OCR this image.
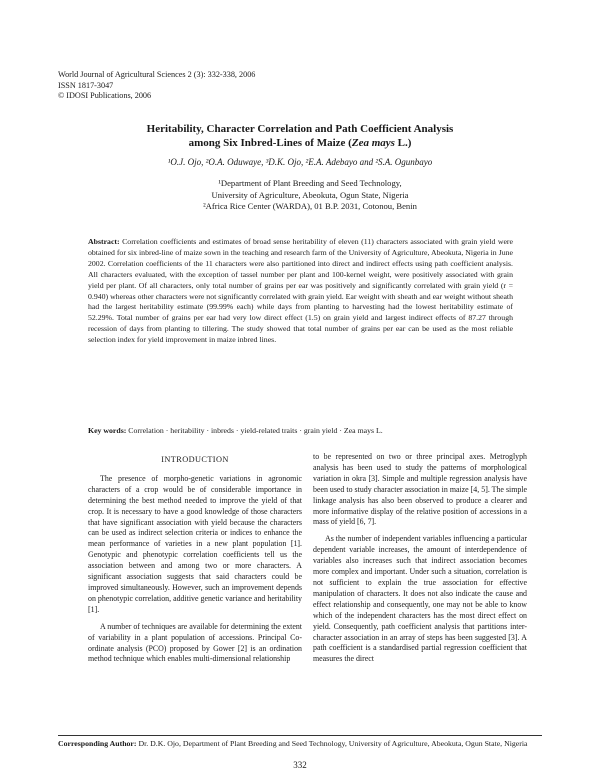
World Journal of Agricultural Sciences 2 (3): 332-338, 2006
ISSN 1817-3047
© IDOSI Publications, 2006
Heritability, Character Correlation and Path Coefficient Analysis
among Six Inbred-Lines of Maize (Zea mays L.)
¹O.J. Ojo, ²O.A. Oduwaye, ³D.K. Ojo, ²E.A. Adebayo and ²S.A. Ogunbayo
¹Department of Plant Breeding and Seed Technology,
University of Agriculture, Abeokuta, Ogun State, Nigeria
²Africa Rice Center (WARDA), 01 B.P. 2031, Cotonou, Benin
Abstract: Correlation coefficients and estimates of broad sense heritability of eleven (11) characters associated with grain yield were obtained for six inbred-line of maize sown in the teaching and research farm of the University of Agriculture, Abeokuta, Nigeria in June 2002. Correlation coefficients of the 11 characters were also partitioned into direct and indirect effects using path coefficient analysis. All characters evaluated, with the exception of tassel number per plant and 100-kernel weight, were positively associated with grain yield per plant. Of all characters, only total number of grains per ear was positively and significantly correlated with grain yield (r = 0.940) whereas other characters were not significantly correlated with grain yield. Ear weight with sheath and ear weight without sheath had the largest heritability estimate (99.99% each) while days from planting to harvesting had the lowest heritability estimate of 52.29%. Total number of grains per ear had very low direct effect (1.5) on grain yield and largest indirect effects of 87.27 through recession of days from planting to tillering. The study showed that total number of grains per ear can be used as the most reliable selection index for yield improvement in maize inbred lines.
Key words: Correlation · heritability · inbreds · yield-related traits · grain yield · Zea mays L.
INTRODUCTION

The presence of morpho-genetic variations in agronomic characters of a crop would be of considerable importance in determining the best method needed to improve the yield of that crop. It is necessary to have a good knowledge of those characters that have significant association with yield because the characters can be used as indirect selection criteria or indices to enhance the mean performance of varieties in a new plant population [1]. Genotypic and phenotypic correlation coefficients tell us the association between and among two or more characters. A significant association suggests that said characters could be improved simultaneously. However, such an improvement depends on phenotypic correlation, additive genetic variance and heritability [1].

A number of techniques are available for determining the extent of variability in a plant population of accessions. Principal Co-ordinate analysis (PCO) proposed by Gower [2] is an ordination method technique which enables multi-dimensional relationship

to be represented on two or three principal axes. Metroglyph analysis has been used to study the patterns of morphological variation in okra [3]. Simple and multiple regression analysis have been used to study character association in maize [4, 5]. The simple linkage analysis has also been observed to produce a clearer and more informative display of the relative position of accessions in a mass of yield [6, 7].

As the number of independent variables influencing a particular dependent variable increases, the amount of interdependence of variables also increases such that indirect association becomes more complex and important. Under such a situation, correlation is not sufficient to explain the true association for effective manipulation of characters. It does not also indicate the cause and effect relationship and consequently, one may not be able to know which of the independent characters has the most direct effect on yield. Consequently, path coefficient analysis that partitions inter-character association in an array of steps has been suggested [3]. A path coefficient is a standardised partial regression coefficient that measures the direct

Corresponding Author: Dr. D.K. Ojo, Department of Plant Breeding and Seed Technology, University of Agriculture, Abeokuta, Ogun State, Nigeria
332
